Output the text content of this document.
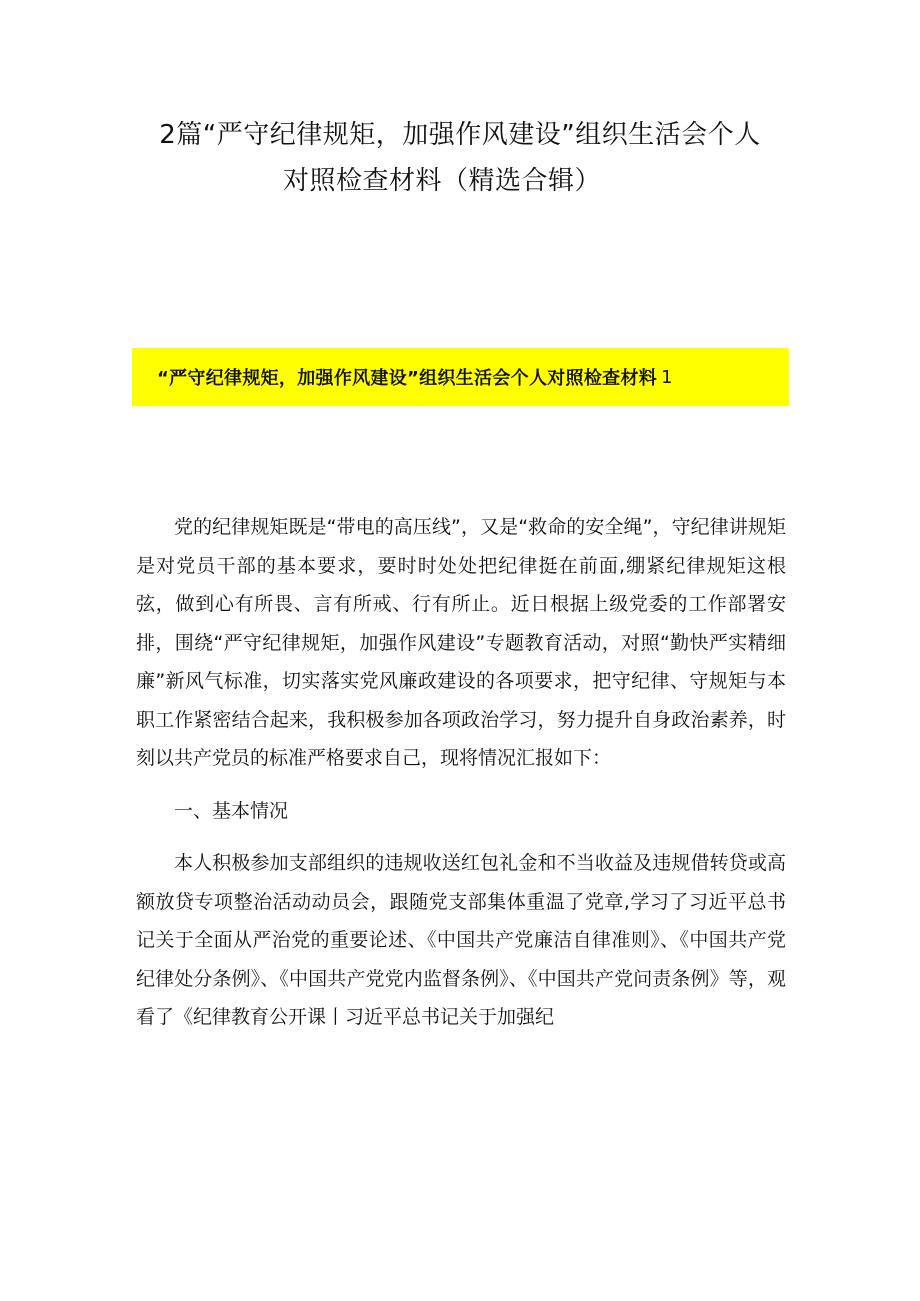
2篇“严守纪律规矩，加强作风建设”组织生活会个人
对照检查材料（精选合辑）
“严守纪律规矩，加强作风建设”组织生活会个人对照检查材料 1

党的纪律规矩既是“带电的高压线”，又是“救命的安全绳”，守纪律讲规矩是对党员干部的基本要求，要时时处处把纪律挺在前面,绷紧纪律规矩这根弦，做到心有所畏、言有所戒、行有所止。近日根据上级党委的工作部署安排，围绕“严守纪律规矩，加强作风建设”专题教育活动，对照“勤快严实精细廉”新风气标准，切实落实党风廉政建设的各项要求，把守纪律、守规矩与本职工作紧密结合起来，我积极参加各项政治学习，努力提升自身政治素养，时刻以共产党员的标准严格要求自己，现将情况汇报如下：

一、基本情况

本人积极参加支部组织的违规收送红包礼金和不当收益及违规借转贷或高额放贷专项整治活动动员会，跟随党支部集体重温了党章,学习了习近平总书记关于全面从严治党的重要论述、《中国共产党廉洁自律准则》、《中国共产党纪律处分条例》、《中国共产党党内监督条例》、《中国共产党问责条例》等，观看了《纪律教育公开课丨习近平总书记关于加强纪
